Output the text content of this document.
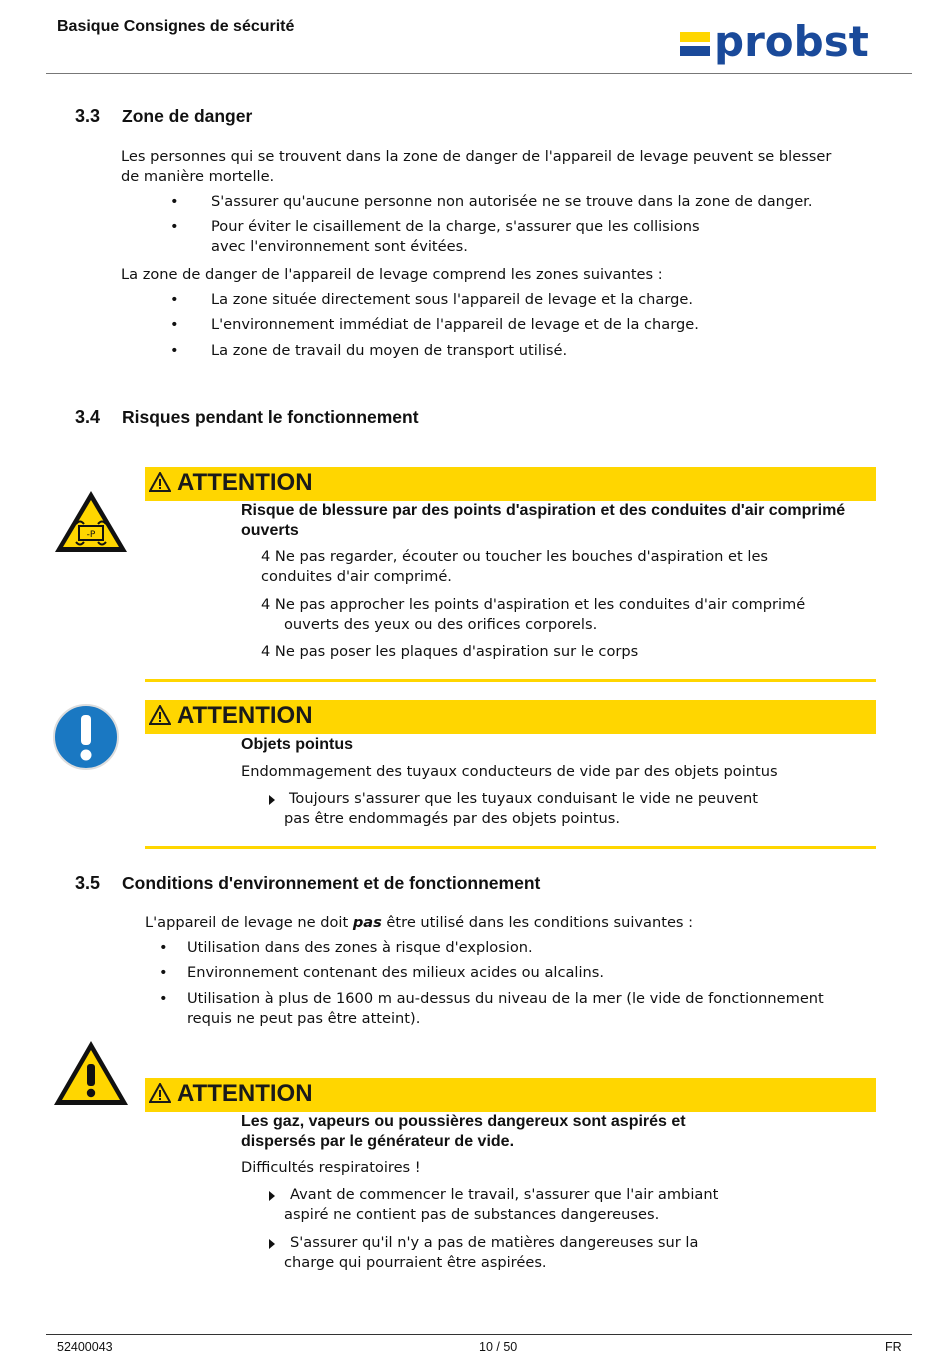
Basique Consignes de sécurité	probst
3.3 Zone de danger
Les personnes qui se trouvent dans la zone de danger de l'appareil de levage peuvent se blesser
de manière mortelle.
• S'assurer qu'aucune personne non autorisée ne se trouve dans la zone de danger.
• Pour éviter le cisaillement de la charge, s'assurer que les collisions
avec l'environnement sont évitées.
La zone de danger de l'appareil de levage comprend les zones suivantes :
• La zone située directement sous l'appareil de levage et la charge.
• L'environnement immédiat de l'appareil de levage et de la charge.
• La zone de travail du moyen de transport utilisé.
3.4 Risques pendant le fonctionnement
-P
ATTENTION
Risque de blessure par des points d'aspiration et des conduites d'air comprimé
ouverts
4 Ne pas regarder, écouter ou toucher les bouches d'aspiration et les
conduites d'air comprimé.
4 Ne pas approcher les points d'aspiration et les conduites d'air comprimé
ouverts des yeux ou des orifices corporels.
4 Ne pas poser les plaques d'aspiration sur le corps
ATTENTION
Objets pointus
Endommagement des tuyaux conducteurs de vide par des objets pointus
Toujours s'assurer que les tuyaux conduisant le vide ne peuvent
pas être endommagés par des objets pointus.
3.5 Conditions d'environnement et de fonctionnement
L'appareil de levage ne doit pas être utilisé dans les conditions suivantes :
• Utilisation dans des zones à risque d'explosion.
• Environnement contenant des milieux acides ou alcalins.
• Utilisation à plus de 1600 m au-dessus du niveau de la mer (le vide de fonctionnement
requis ne peut pas être atteint).
ATTENTION
Les gaz, vapeurs ou poussières dangereux sont aspirés et
dispersés par le générateur de vide.
Difficultés respiratoires !
Avant de commencer le travail, s'assurer que l'air ambiant
aspiré ne contient pas de substances dangereuses.
S'assurer qu'il n'y a pas de matières dangereuses sur la
charge qui pourraient être aspirées.
52400043	10 / 50	FR
